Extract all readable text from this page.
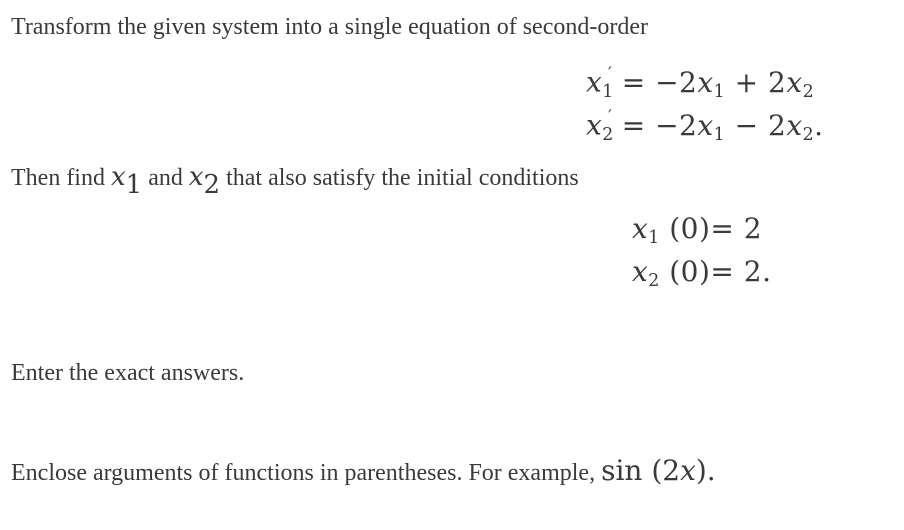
Transform the given system into a single equation of second-order
$x_1' = -2x_1 + 2x_2$
$x_2' = -2x_1 - 2x_2$.
Then find $x_1$ and $x_2$ that also satisfy the initial conditions
$x_1$ (0)= 2
$x_2$ (0)= 2.
Enter the exact answers.
Enclose arguments of functions in parentheses. For example, sin (2x).
